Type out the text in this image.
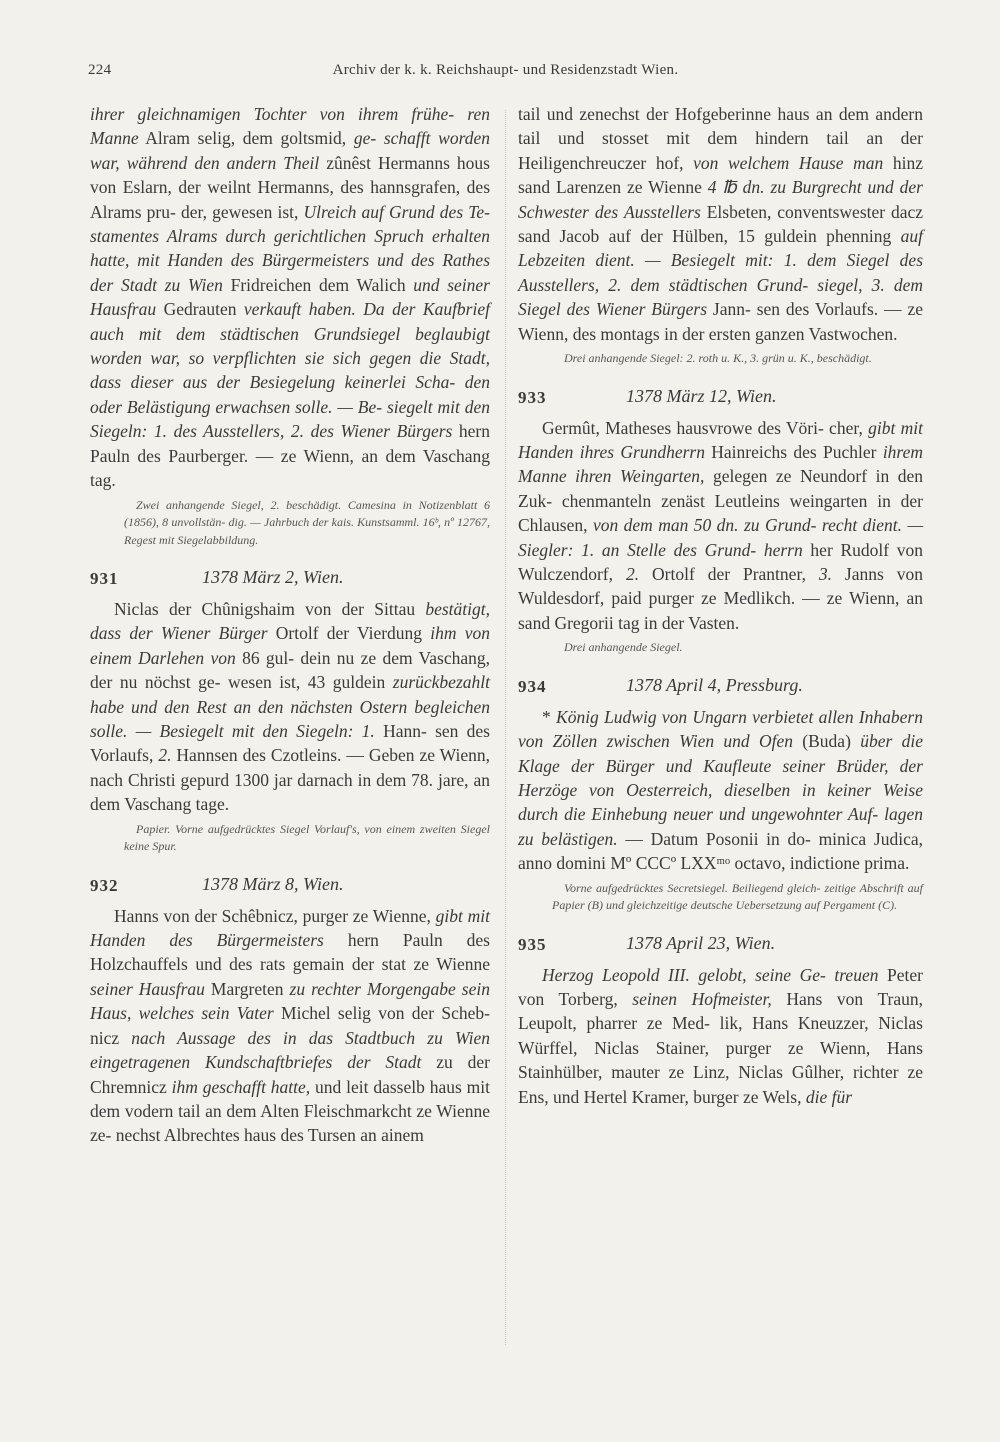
224	Archiv der k. k. Reichshaupt- und Residenzstadt Wien.

ihrer gleichnamigen Tochter von ihrem frühe- ren Manne Alram selig, dem goltsmid, ge- schafft worden war, während den andern Theil zûnêst Hermanns hous von Eslarn, der weilnt Hermanns, des hannsgrafen, des Alrams pru- der, gewesen ist, Ulreich auf Grund des Te- stamentes Alrams durch gerichtlichen Spruch erhalten hatte, mit Handen des Bürgermeisters und des Rathes der Stadt zu Wien Fridreichen dem Walich und seiner Hausfrau Gedrauten verkauft haben. Da der Kaufbrief auch mit dem städtischen Grundsiegel beglaubigt worden war, so verpflichten sie sich gegen die Stadt, dass dieser aus der Besiegelung keinerlei Scha- den oder Belästigung erwachsen solle. — Be- siegelt mit den Siegeln: 1. des Ausstellers, 2. des Wiener Bürgers hern Pauln des Paurberger. — ze Wienn, an dem Vaschang tag.

Zwei anhangende Siegel, 2. beschädigt. Camesina in Notizenblatt 6 (1856), 8 unvollstän- dig. — Jahrbuch der kais. Kunstsamml. 16ᵇ, nº 12767, Regest mit Siegelabbildung.

931	1378 März 2, Wien.

Niclas der Chûnigshaim von der Sittau bestätigt, dass der Wiener Bürger Ortolf der Vierdung ihm von einem Darlehen von 86 gul- dein nu ze dem Vaschang, der nu nöchst ge- wesen ist, 43 guldein zurückbezahlt habe und den Rest an den nächsten Ostern begleichen solle. — Besiegelt mit den Siegeln: 1. Hann- sen des Vorlaufs, 2. Hannsen des Czotleins. — Geben ze Wienn, nach Christi gepurd 1300 jar darnach in dem 78. jare, an dem Vaschang tage.

Papier. Vorne aufgedrücktes Siegel Vorlauf's, von einem zweiten Siegel keine Spur.

932	1378 März 8, Wien.

Hanns von der Schêbnicz, purger ze Wienne, gibt mit Handen des Bürgermeisters hern Pauln des Holzchauffels und des rats gemain der stat ze Wienne seiner Hausfrau Margreten zu rechter Morgengabe sein Haus, welches sein Vater Michel selig von der Scheb- nicz nach Aussage des in das Stadtbuch zu Wien eingetragenen Kundschaftbriefes der Stadt zu der Chremnicz ihm geschafft hatte, und leit dasselb haus mit dem vodern tail an dem Alten Fleischmarkcht ze Wienne ze- nechst Albrechtes haus des Tursen an ainem

tail und zenechst der Hofgeberinne haus an dem andern tail und stosset mit dem hindern tail an der Heiligenchreuczer hof, von welchem Hause man hinz sand Larenzen ze Wienne 4 ℔ dn. zu Burgrecht und der Schwester des Ausstellers Elsbeten, conventswester dacz sand Jacob auf der Hülben, 15 guldein phenning auf Lebzeiten dient. — Besiegelt mit: 1. dem Siegel des Ausstellers, 2. dem städtischen Grund- siegel, 3. dem Siegel des Wiener Bürgers Jann- sen des Vorlaufs. — ze Wienn, des montags in der ersten ganzen Vastwochen.

Drei anhangende Siegel: 2. roth u. K., 3. grün u. K., beschädigt.

933	1378 März 12, Wien.

Germût, Matheses hausvrowe des Vöri- cher, gibt mit Handen ihres Grundherrn Hainreichs des Puchler ihrem Manne ihren Weingarten, gelegen ze Neundorf in den Zuk- chenmanteln zenäst Leutleins weingarten in der Chlausen, von dem man 50 dn. zu Grund- recht dient. — Siegler: 1. an Stelle des Grund- herrn her Rudolf von Wulczendorf, 2. Ortolf der Prantner, 3. Janns von Wuldesdorf, paid purger ze Medlikch. — ze Wienn, an sand Gregorii tag in der Vasten.

Drei anhangende Siegel.

934	1378 April 4, Pressburg.

* König Ludwig von Ungarn verbietet allen Inhabern von Zöllen zwischen Wien und Ofen (Buda) über die Klage der Bürger und Kaufleute seiner Brüder, der Herzöge von Oesterreich, dieselben in keiner Weise durch die Einhebung neuer und ungewohnter Auf- lagen zu belästigen. — Datum Posonii in do- minica Judica, anno domini Mº CCCº LXXᵐᵒ octavo, indictione prima.

Vorne aufgedrücktes Secretsiegel. Beiliegend gleich- zeitige Abschrift auf Papier (B) und gleichzeitige deutsche Uebersetzung auf Pergament (C).

935	1378 April 23, Wien.

Herzog Leopold III. gelobt, seine Ge- treuen Peter von Torberg, seinen Hofmeister, Hans von Traun, Leupolt, pharrer ze Med- lik, Hans Kneuzzer, Niclas Würffel, Niclas Stainer, purger ze Wienn, Hans Stainhülber, mauter ze Linz, Niclas Gûlher, richter ze Ens, und Hertel Kramer, burger ze Wels, die für
